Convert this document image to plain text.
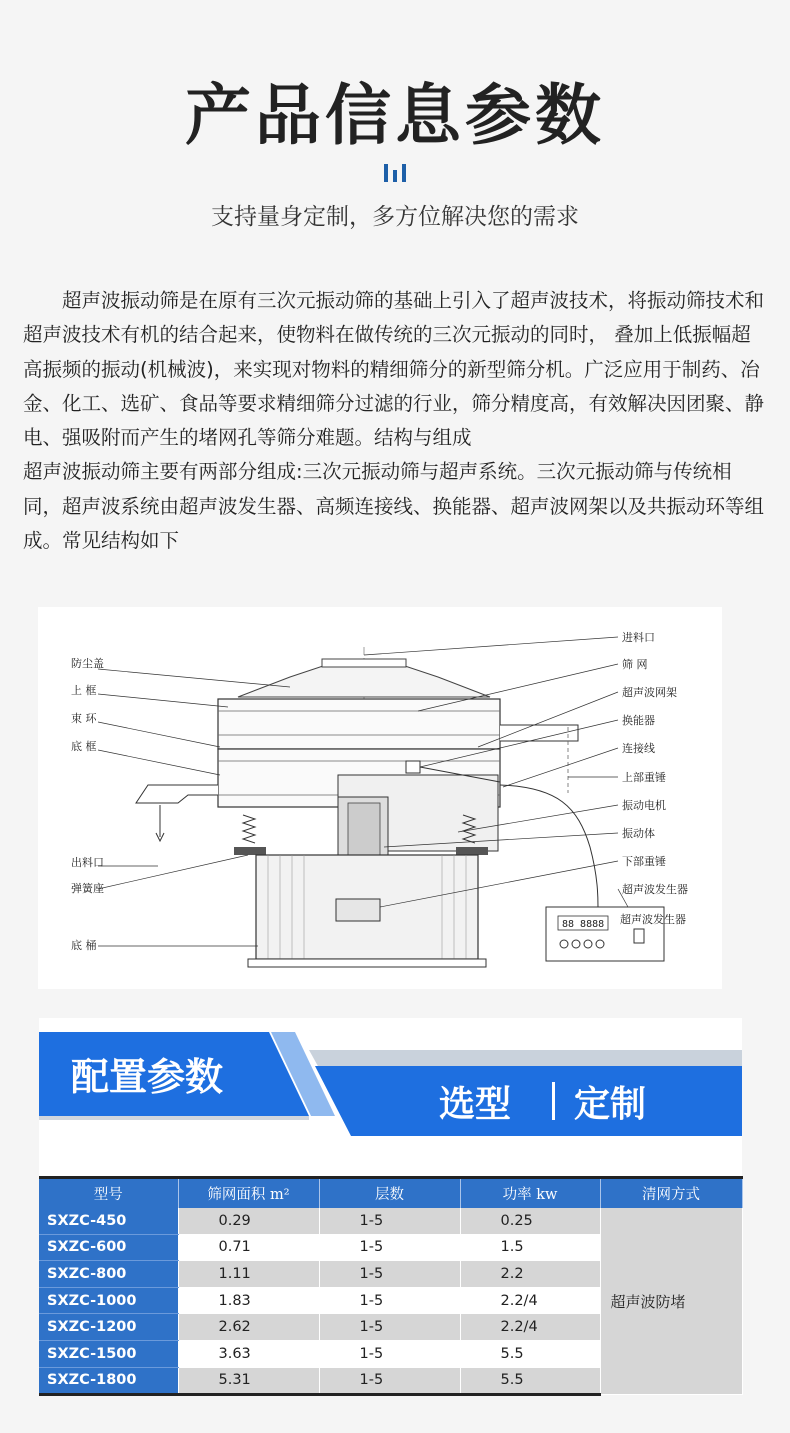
产品信息参数
支持量身定制，多方位解决您的需求

超声波振动筛是在原有三次元振动筛的基础上引入了超声波技术，将振动筛技术和超声波技术有机的结合起来，使物料在做传统的三次元振动的同时， 叠加上低振幅超高振频的振动(机械波)，来实现对物料的精细筛分的新型筛分机。广泛应用于制药、冶金、化工、选矿、食品等要求精细筛分过滤的行业，筛分精度高，有效解决因团聚、静电、强吸附而产生的堵网孔等筛分难题。结构与组成

超声波振动筛主要有两部分组成:三次元振动筛与超声系统。三次元振动筛与传统相同，超声波系统由超声波发生器、高频连接线、换能器、超声波网架以及共振动环等组成。常见结构如下

88 8888 超声波发生器
防尘盖
上 框
束 环
底 框
出料口
弹簧座
底 桶
进料口
筛 网
超声波网架
换能器
连接线
上部重锤
振动电机
振动体
下部重锤
超声波发生器
配置参数
选型 定制
型号	筛网面积 m²	层数	功率 kw	清网方式
SXZC-450	0.29	1-5	0.25	超声波防堵
SXZC-600	0.71	1-5	1.5	
SXZC-800	1.11	1-5	2.2	
SXZC-1000	1.83	1-5	2.2/4	
SXZC-1200	2.62	1-5	2.2/4	
SXZC-1500	3.63	1-5	5.5	
SXZC-1800	5.31	1-5	5.5	
